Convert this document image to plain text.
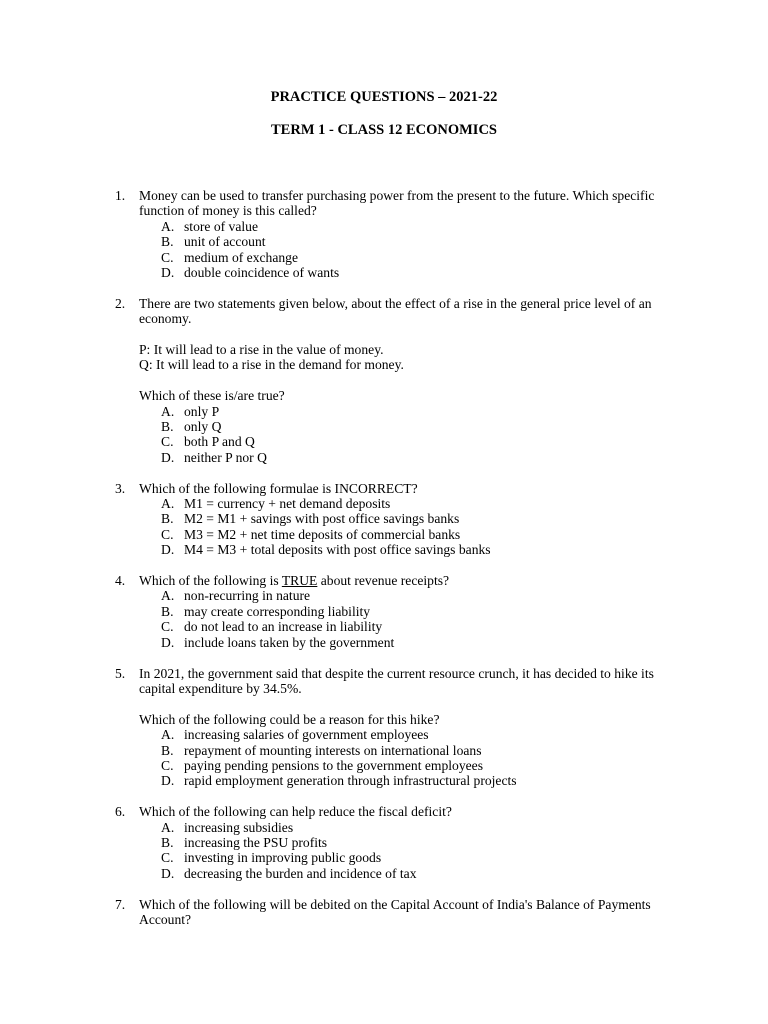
PRACTICE QUESTIONS – 2021-22
TERM 1 - CLASS 12 ECONOMICS
1. Money can be used to transfer purchasing power from the present to the future. Which specific function of money is this called?
A. store of value
B. unit of account
C. medium of exchange
D. double coincidence of wants
2. There are two statements given below, about the effect of a rise in the general price level of an economy.
P: It will lead to a rise in the value of money.
Q: It will lead to a rise in the demand for money.
Which of these is/are true?
A. only P
B. only Q
C. both P and Q
D. neither P nor Q
3. Which of the following formulae is INCORRECT?
A. M1 = currency + net demand deposits
B. M2 = M1 + savings with post office savings banks
C. M3 = M2 + net time deposits of commercial banks
D. M4 = M3 + total deposits with post office savings banks
4. Which of the following is TRUE about revenue receipts?
A. non-recurring in nature
B. may create corresponding liability
C. do not lead to an increase in liability
D. include loans taken by the government
5. In 2021, the government said that despite the current resource crunch, it has decided to hike its capital expenditure by 34.5%.
Which of the following could be a reason for this hike?
A. increasing salaries of government employees
B. repayment of mounting interests on international loans
C. paying pending pensions to the government employees
D. rapid employment generation through infrastructural projects
6. Which of the following can help reduce the fiscal deficit?
A. increasing subsidies
B. increasing the PSU profits
C. investing in improving public goods
D. decreasing the burden and incidence of tax
7. Which of the following will be debited on the Capital Account of India's Balance of Payments Account?
